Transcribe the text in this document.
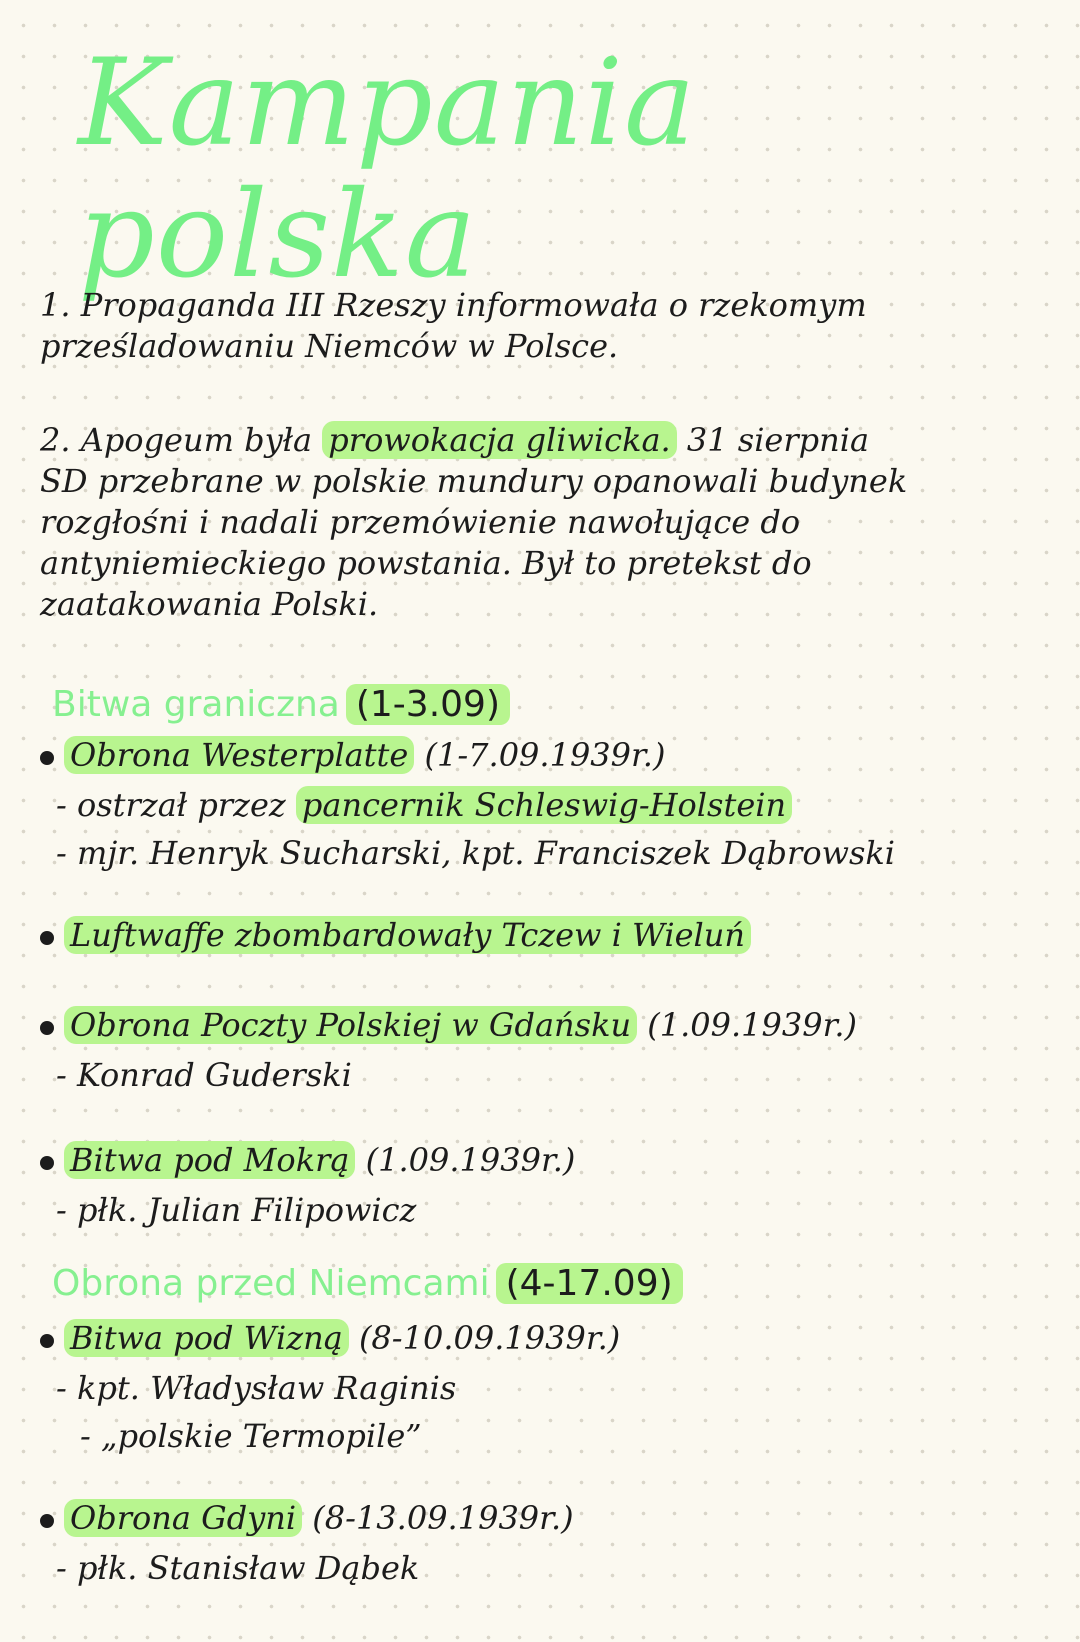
Kampania polska

1. Propaganda III Rzeszy informowała o rzekomym

prześladowaniu Niemców w Polsce.

2. Apogeum była prowokacja gliwicka. 31 sierpnia

SD przebrane w polskie mundury opanowali budynek

rozgłośni i nadali przemówienie nawołujące do

antyniemieckiego powstania. Był to pretekst do

zaatakowania Polski.

Bitwa graniczna (1-3.09)
Obrona Westerplatte (1-7.09.1939r.)
- ostrzał przez pancernik Schleswig-Holstein
- mjr. Henryk Sucharski, kpt. Franciszek Dąbrowski
Luftwaffe zbombardowały Tczew i Wieluń
Obrona Poczty Polskiej w Gdańsku (1.09.1939r.)
- Konrad Guderski
Bitwa pod Mokrą (1.09.1939r.)
- płk. Julian Filipowicz
Obrona przed Niemcami (4-17.09)
Bitwa pod Wizną (8-10.09.1939r.)
- kpt. Władysław Raginis
- „polskie Termopile”
Obrona Gdyni (8-13.09.1939r.)
- płk. Stanisław Dąbek
